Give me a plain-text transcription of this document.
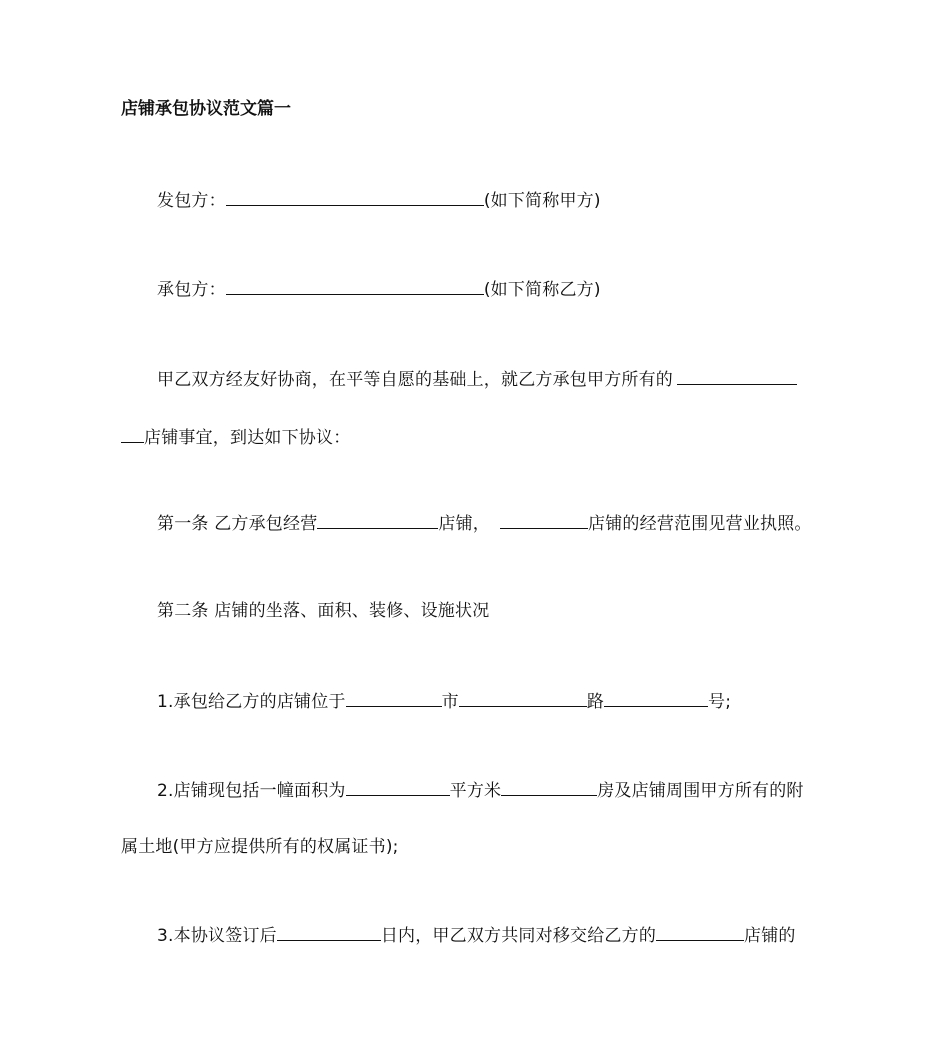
店铺承包协议范文篇一
发包方：	(如下简称甲方)
承包方：	(如下简称乙方)
甲乙双方经友好协商，在平等自愿的基础上，就乙方承包甲方所有的
店铺事宜，到达如下协议：
第一条 乙方承包经营	店铺，	店铺的经营范围见营业执照。
第二条 店铺的坐落、面积、装修、设施状况
1.承包给乙方的店铺位于	市	路	号;
2.店铺现包括一幢面积为	平方米	房及店铺周围甲方所有的附
属土地(甲方应提供所有的权属证书);
3.本协议签订后	日内，甲乙双方共同对移交给乙方的	店铺的
